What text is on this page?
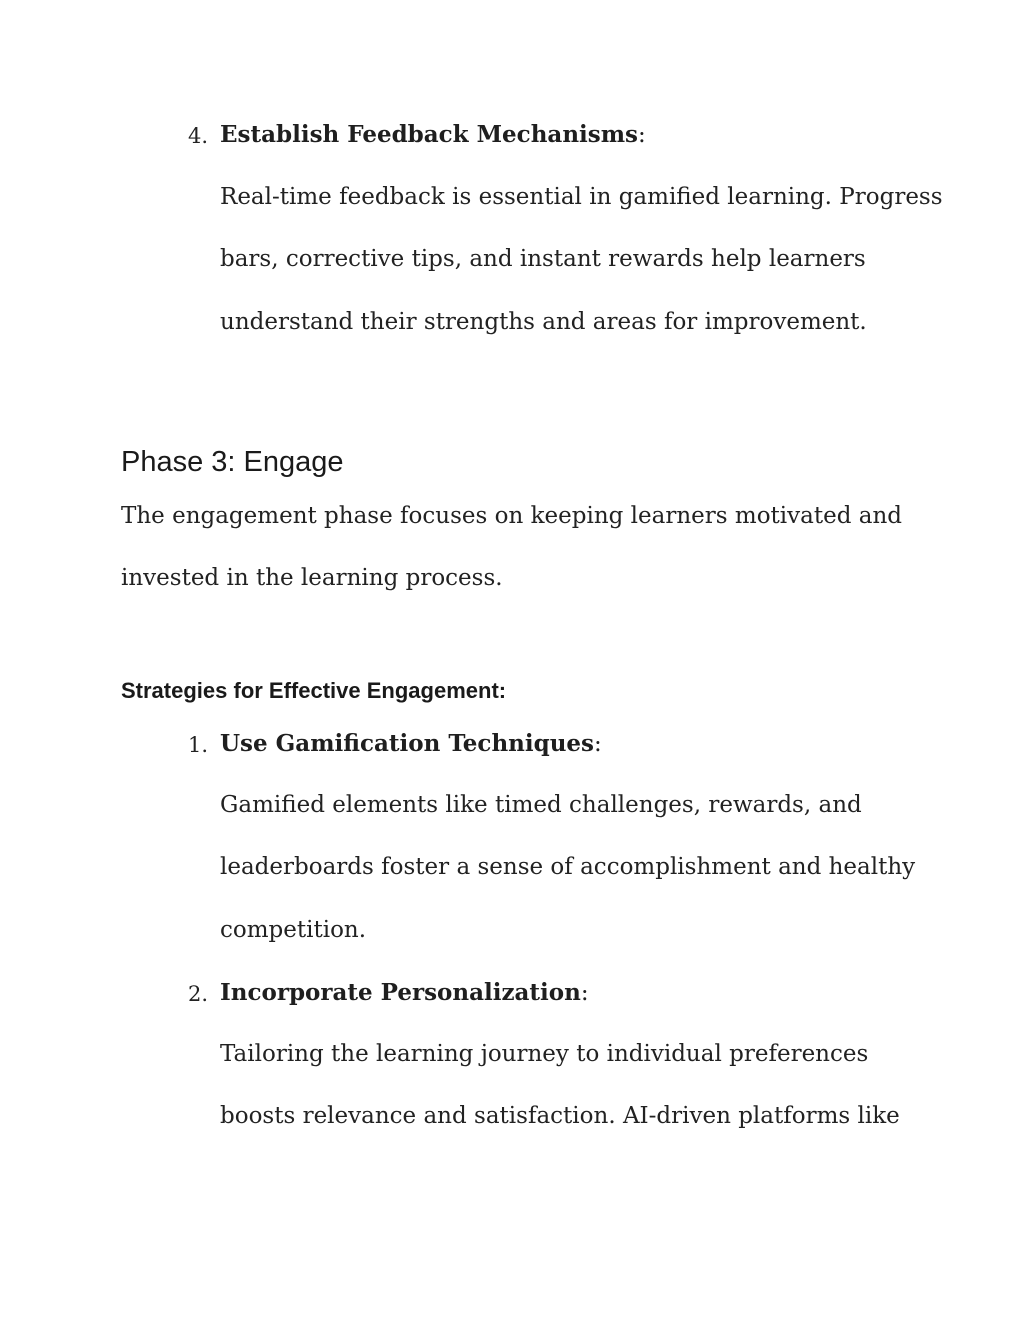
4. Establish Feedback Mechanisms:
Real-time feedback is essential in gamified learning. Progress
bars, corrective tips, and instant rewards help learners
understand their strengths and areas for improvement.
Phase 3: Engage
The engagement phase focuses on keeping learners motivated and
invested in the learning process.
Strategies for Effective Engagement:
1. Use Gamification Techniques:
Gamified elements like timed challenges, rewards, and
leaderboards foster a sense of accomplishment and healthy
competition.
2. Incorporate Personalization:
Tailoring the learning journey to individual preferences
boosts relevance and satisfaction. AI-driven platforms like
